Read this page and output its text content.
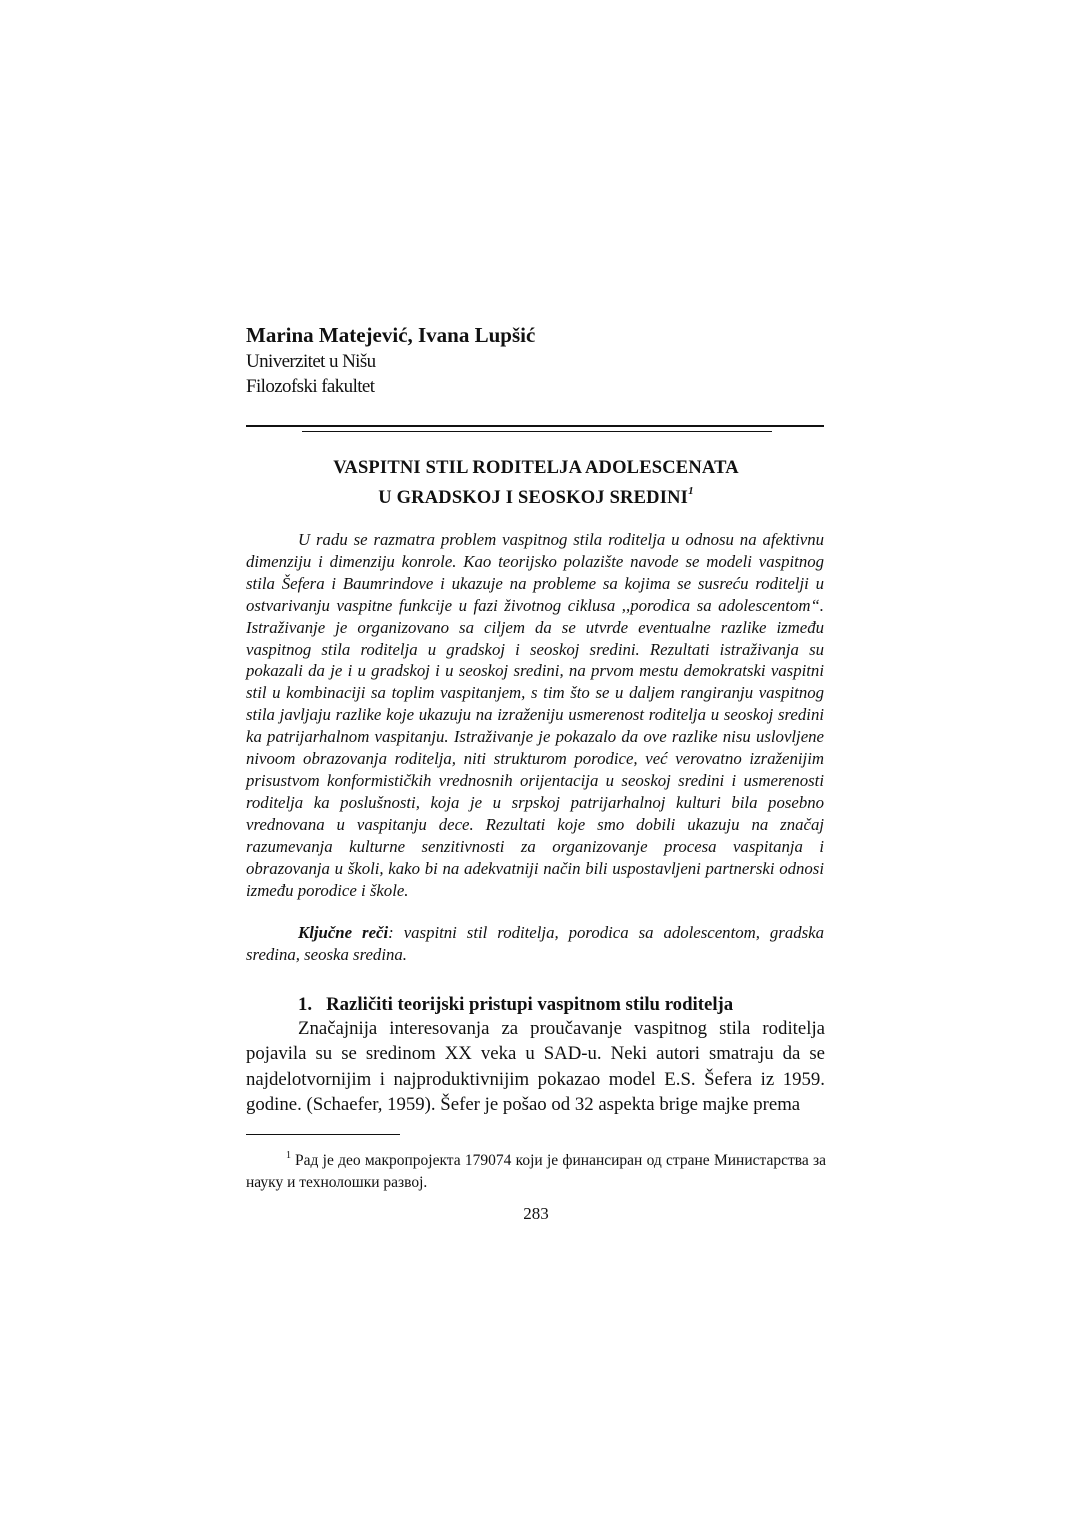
Marina Matejević, Ivana Lupšić

Univerzitet u Nišu

Filozofski fakultet

VASPITNI STIL RODITELJA ADOLESCENATA
U GRADSKOJ I SEOSKOJ SREDINI$^1$

U radu se razmatra problem vaspitnog stila roditelja u odnosu na afektivnu dimenziju i dimenziju konrole. Kao teorijsko polazište navode se modeli vaspitnog stila Šefera i Baumrindove i ukazuje na probleme sa kojima se susreću roditelji u ostvarivanju vaspitne funkcije u fazi životnog ciklusa ,,porodica sa adolescentom“. Istraživanje je organizovano sa ciljem da se utvrde eventualne razlike između vaspitnog stila roditelja u gradskoj i seoskoj sredini. Rezultati istraživanja su pokazali da je i u gradskoj i u seoskoj sredini, na prvom mestu demokratski vaspitni stil u kombinaciji sa toplim vaspitanjem, s tim što se u daljem rangiranju vaspitnog stila javljaju razlike koje ukazuju na izraženiju usmerenost roditelja u seoskoj sredini ka patrijarhalnom vaspitanju. Istraživanje je pokazalo da ove razlike nisu uslovljene nivoom obrazovanja roditelja, niti strukturom porodice, već verovatno izraženijim prisustvom konformističkih vrednosnih orijentacija u seoskoj sredini i usmerenosti roditelja ka poslušnosti, koja je u srpskoj patrijarhalnoj kulturi bila posebno vrednovana u vaspitanju dece. Rezultati koje smo dobili ukazuju na značaj razumevanja kulturne senzitivnosti za organizovanje procesa vaspitanja i obrazovanja u školi, kako bi na adekvatniji način bili uspostavljeni partnerski odnosi između porodice i škole.

Ključne reči: vaspitni stil roditelja, porodica sa adolescentom, gradska sredina, seoska sredina.

1. Različiti teorijski pristupi vaspitnom stilu roditelja

Značajnija interesovanja za proučavanje vaspitnog stila roditelja pojavila su se sredinom XX veka u SAD-u. Neki autori smatraju da se najdelotvornijim i najproduktivnijim pokazao model E.S. Šefera iz 1959. godine. (Schaefer, 1959). Šefer je pošao od 32 aspekta brige majke prema

$^1$ Рад је део макропројекта 179074 који је финансиран од стране Министарства за науку и технолошки развој.

283
